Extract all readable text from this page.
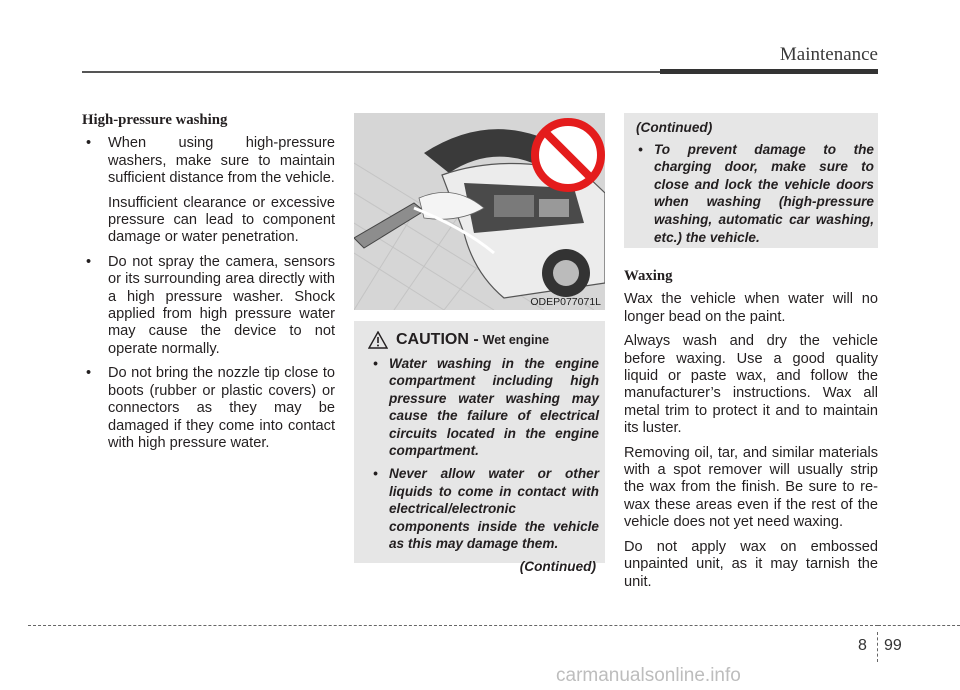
Maintenance
High-pressure washing
• When using high-pressure washers, make sure to maintain sufficient distance from the vehicle.
Insufficient clearance or excessive pressure can lead to component damage or water penetration.
• Do not spray the camera, sensors or its surrounding area directly with a high pressure washer. Shock applied from high pressure water may cause the device to not operate normally.
• Do not bring the nozzle tip close to boots (rubber or plastic covers) or connectors as they may be damaged if they come into contact with high pressure water.
ODEP077071L
CAUTION - Wet engine
• Water washing in the engine compartment including high pressure water washing may cause the failure of electrical circuits located in the engine compartment.
• Never allow water or other liquids to come in contact with electrical/electronic components inside the vehicle as this may damage them.
(Continued)
(Continued)
• To prevent damage to the charging door, make sure to close and lock the vehicle doors when washing (high-pressure washing, automatic car washing, etc.) the vehicle.
Waxing
Wax the vehicle when water will no longer bead on the paint.
Always wash and dry the vehicle before waxing. Use a good quality liquid or paste wax, and follow the manufacturer’s instructions. Wax all metal trim to protect it and to maintain its luster.
Removing oil, tar, and similar materials with a spot remover will usually strip the wax from the finish. Be sure to re-wax these areas even if the rest of the vehicle does not yet need waxing.
Do not apply wax on embossed unpainted unit, as it may tarnish the unit.
8 99
carmanualsonline.info
